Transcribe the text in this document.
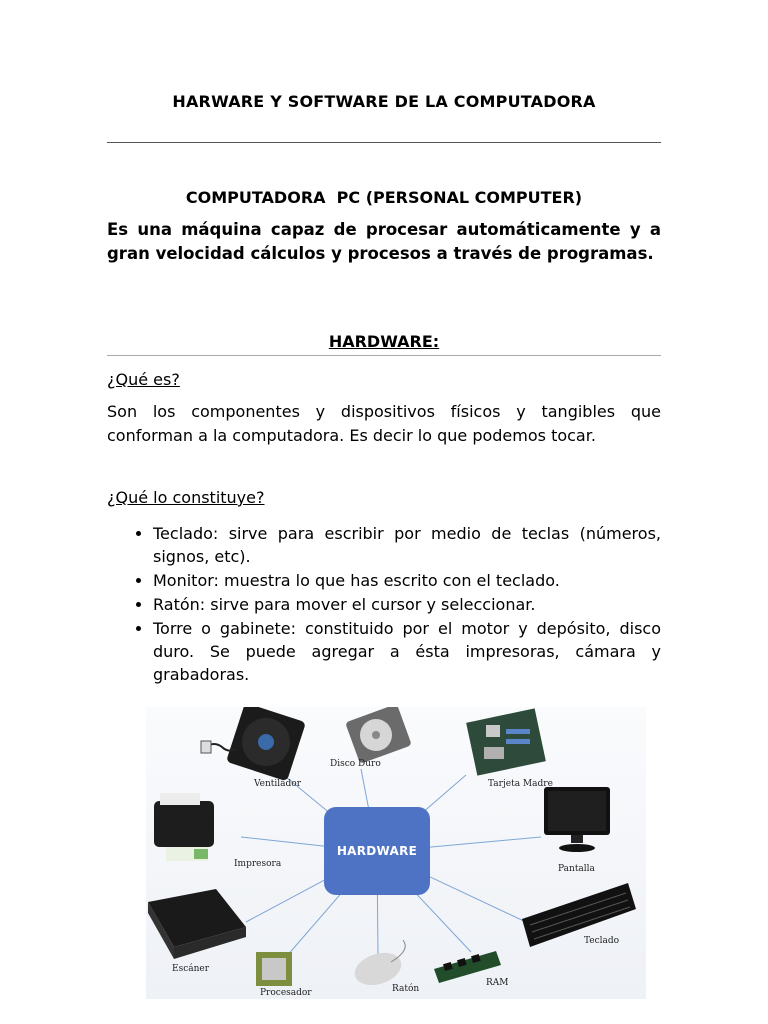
HARWARE Y SOFTWARE DE LA COMPUTADORA
COMPUTADORA  PC (PERSONAL COMPUTER)
Es una máquina capaz de procesar automáticamente y a gran velocidad cálculos y procesos a través de programas.
HARDWARE:
¿Qué es?
Son los componentes y dispositivos físicos y tangibles que conforman a la computadora. Es decir lo que podemos tocar.
¿Qué lo constituye?
• Teclado: sirve para escribir por medio de teclas (números, signos, etc).
• Monitor: muestra lo que has escrito con el teclado.
• Ratón: sirve para mover el cursor y seleccionar.
• Torre o gabinete: constituido por el motor y depósito, disco duro. Se puede agregar a ésta impresoras, cámara y grabadoras.
HARDWARE
Ventilador
Disco Duro
Tarjeta Madre
Impresora	Pantalla
Escáner
Teclado
Procesador	Ratón
RAM
